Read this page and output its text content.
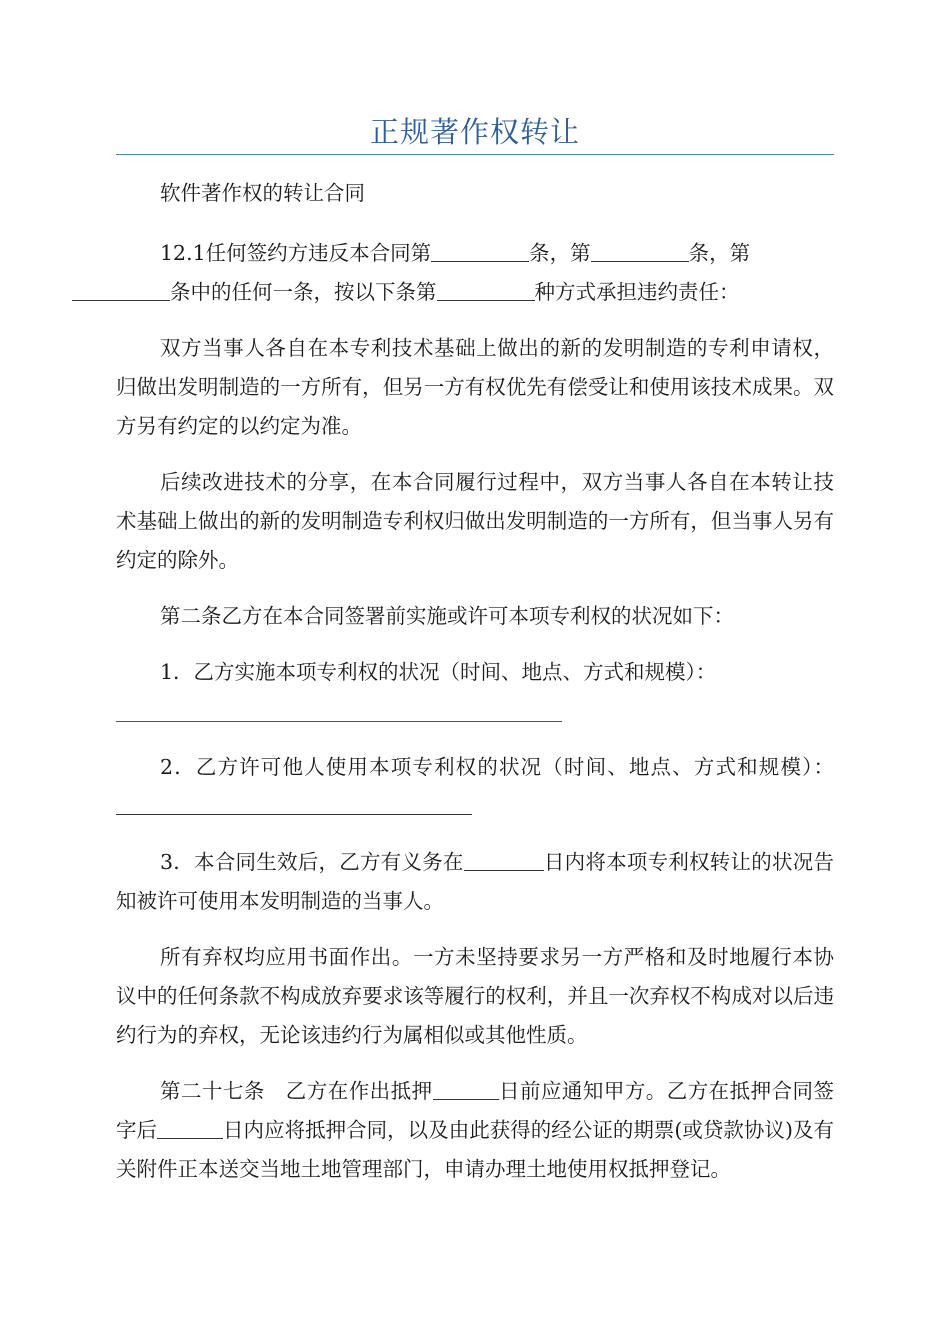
正规著作权转让

软件著作权的转让合同

12.1任何签约方违反本合同第	条，第	条，第
条中的任何一条，按以下条第	种方式承担违约责任：

双方当事人各自在本专利技术基础上做出的新的发明制造的专利申请权，归做出发明制造的一方所有，但另一方有权优先有偿受让和使用该技术成果。双方另有约定的以约定为准。

后续改进技术的分享，在本合同履行过程中，双方当事人各自在本转让技术基础上做出的新的发明制造专利权归做出发明制造的一方所有，但当事人另有约定的除外。

第二条乙方在本合同签署前实施或许可本项专利权的状况如下：

1．乙方实施本项专利权的状况（时间、地点、方式和规模）：

2．乙方许可他人使用本项专利权的状况（时间、地点、方式和规模）：

3．本合同生效后，乙方有义务在	日内将本项专利权转让的状况告知被许可使用本发明制造的当事人。

所有弃权均应用书面作出。一方未坚持要求另一方严格和及时地履行本协议中的任何条款不构成放弃要求该等履行的权利，并且一次弃权不构成对以后违约行为的弃权，无论该违约行为属相似或其他性质。

第二十七条　乙方在作出抵押	日前应通知甲方。乙方在抵押合同签字后	日内应将抵押合同，以及由此获得的经公证的期票(或贷款协议)及有关附件正本送交当地土地管理部门，申请办理土地使用权抵押登记。
